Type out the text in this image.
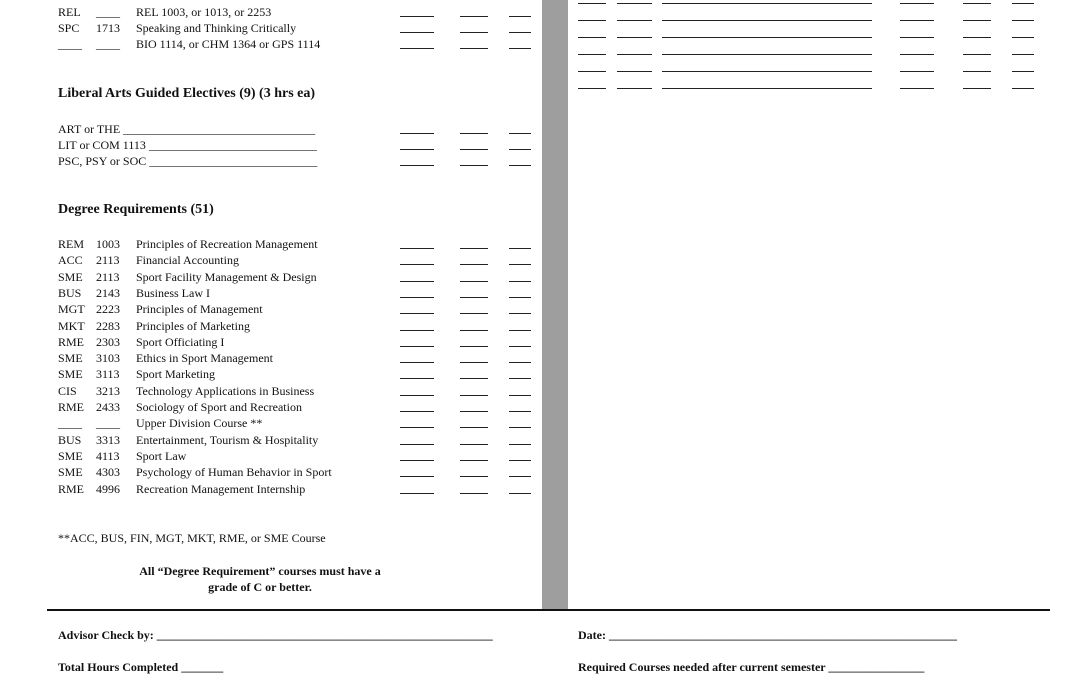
REL ____ REL 1003, or 1013, or 2253
SPC 1713 Speaking and Thinking Critically
____ ____ BIO 1114, or CHM 1364 or GPS 1114
ART or THE ________________________________
LIT or COM 1113 ____________________________
PSC, PSY or SOC ____________________________
REM 1003 Principles of Recreation Management
ACC 2113 Financial Accounting
SME 2113 Sport Facility Management & Design
BUS 2143 Business Law I
MGT 2223 Principles of Management
MKT 2283 Principles of Marketing
RME 2303 Sport Officiating I
SME 3103 Ethics in Sport Management
SME 3113 Sport Marketing
CIS 3213 Technology Applications in Business
RME 2433 Sociology of Sport and Recreation
____ ____ Upper Division Course **
BUS 3313 Entertainment, Tourism & Hospitality
SME 4113 Sport Law
SME 4303 Psychology of Human Behavior in Sport
RME 4996 Recreation Management Internship
Advisor Check by: ________________________________________________________	Date: __________________________________________________________
Total Hours Completed _______	Required Courses needed after current semester ________________
**ACC, BUS, FIN, MGT, MKT, RME, or SME Course
All “Degree Requirement” courses must have a
grade of C or better.
Liberal Arts Guided Electives (9) (3 hrs ea)
Degree Requirements (51)
